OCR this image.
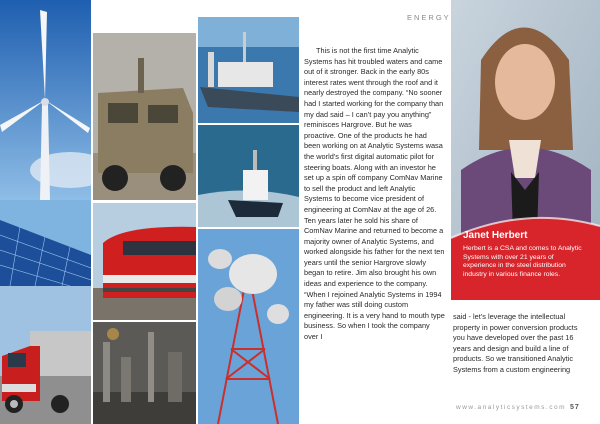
ENERGY
This is not the first time Analytic Systems has hit troubled waters and came out of it stronger. Back in the early 80s interest rates went through the roof and it nearly destroyed the company. “No sooner had I started working for the company than my dad said – I can’t pay you anything” reminisces Hargrove. But he was proactive. One of the products he had been working on at Analytic Systems wasa the world’s first digital automatic pilot for steering boats. Along with an investor he set up a spin off company ComNav Marine to sell the product and left Analytic Systems to become vice president of engineering at ComNav at the age of 26. Ten years later he sold his share of ComNav Marine and returned to become a majority owner of Analytic Systems, and worked alongside his father for the next ten years until the senior Hargrove slowly began to retire. Jim also brought his own ideas and experience to the company. “When I rejoined Analytic Systems in 1994 my father was still doing custom engineering. It is a very hand to mouth type business. So when I took the company over I
Janet Herbert
Herbert is a CSA and comes to Analytic Systems with over 21 years of experience in the steel distribution industry in various finance roles.
said - let’s leverage the intellectual property in power conversion products you have developed over the past 16 years and design and build a line of products. So we transitioned Analytic Systems from a custom engineering
www.analyticsystems.com 57
